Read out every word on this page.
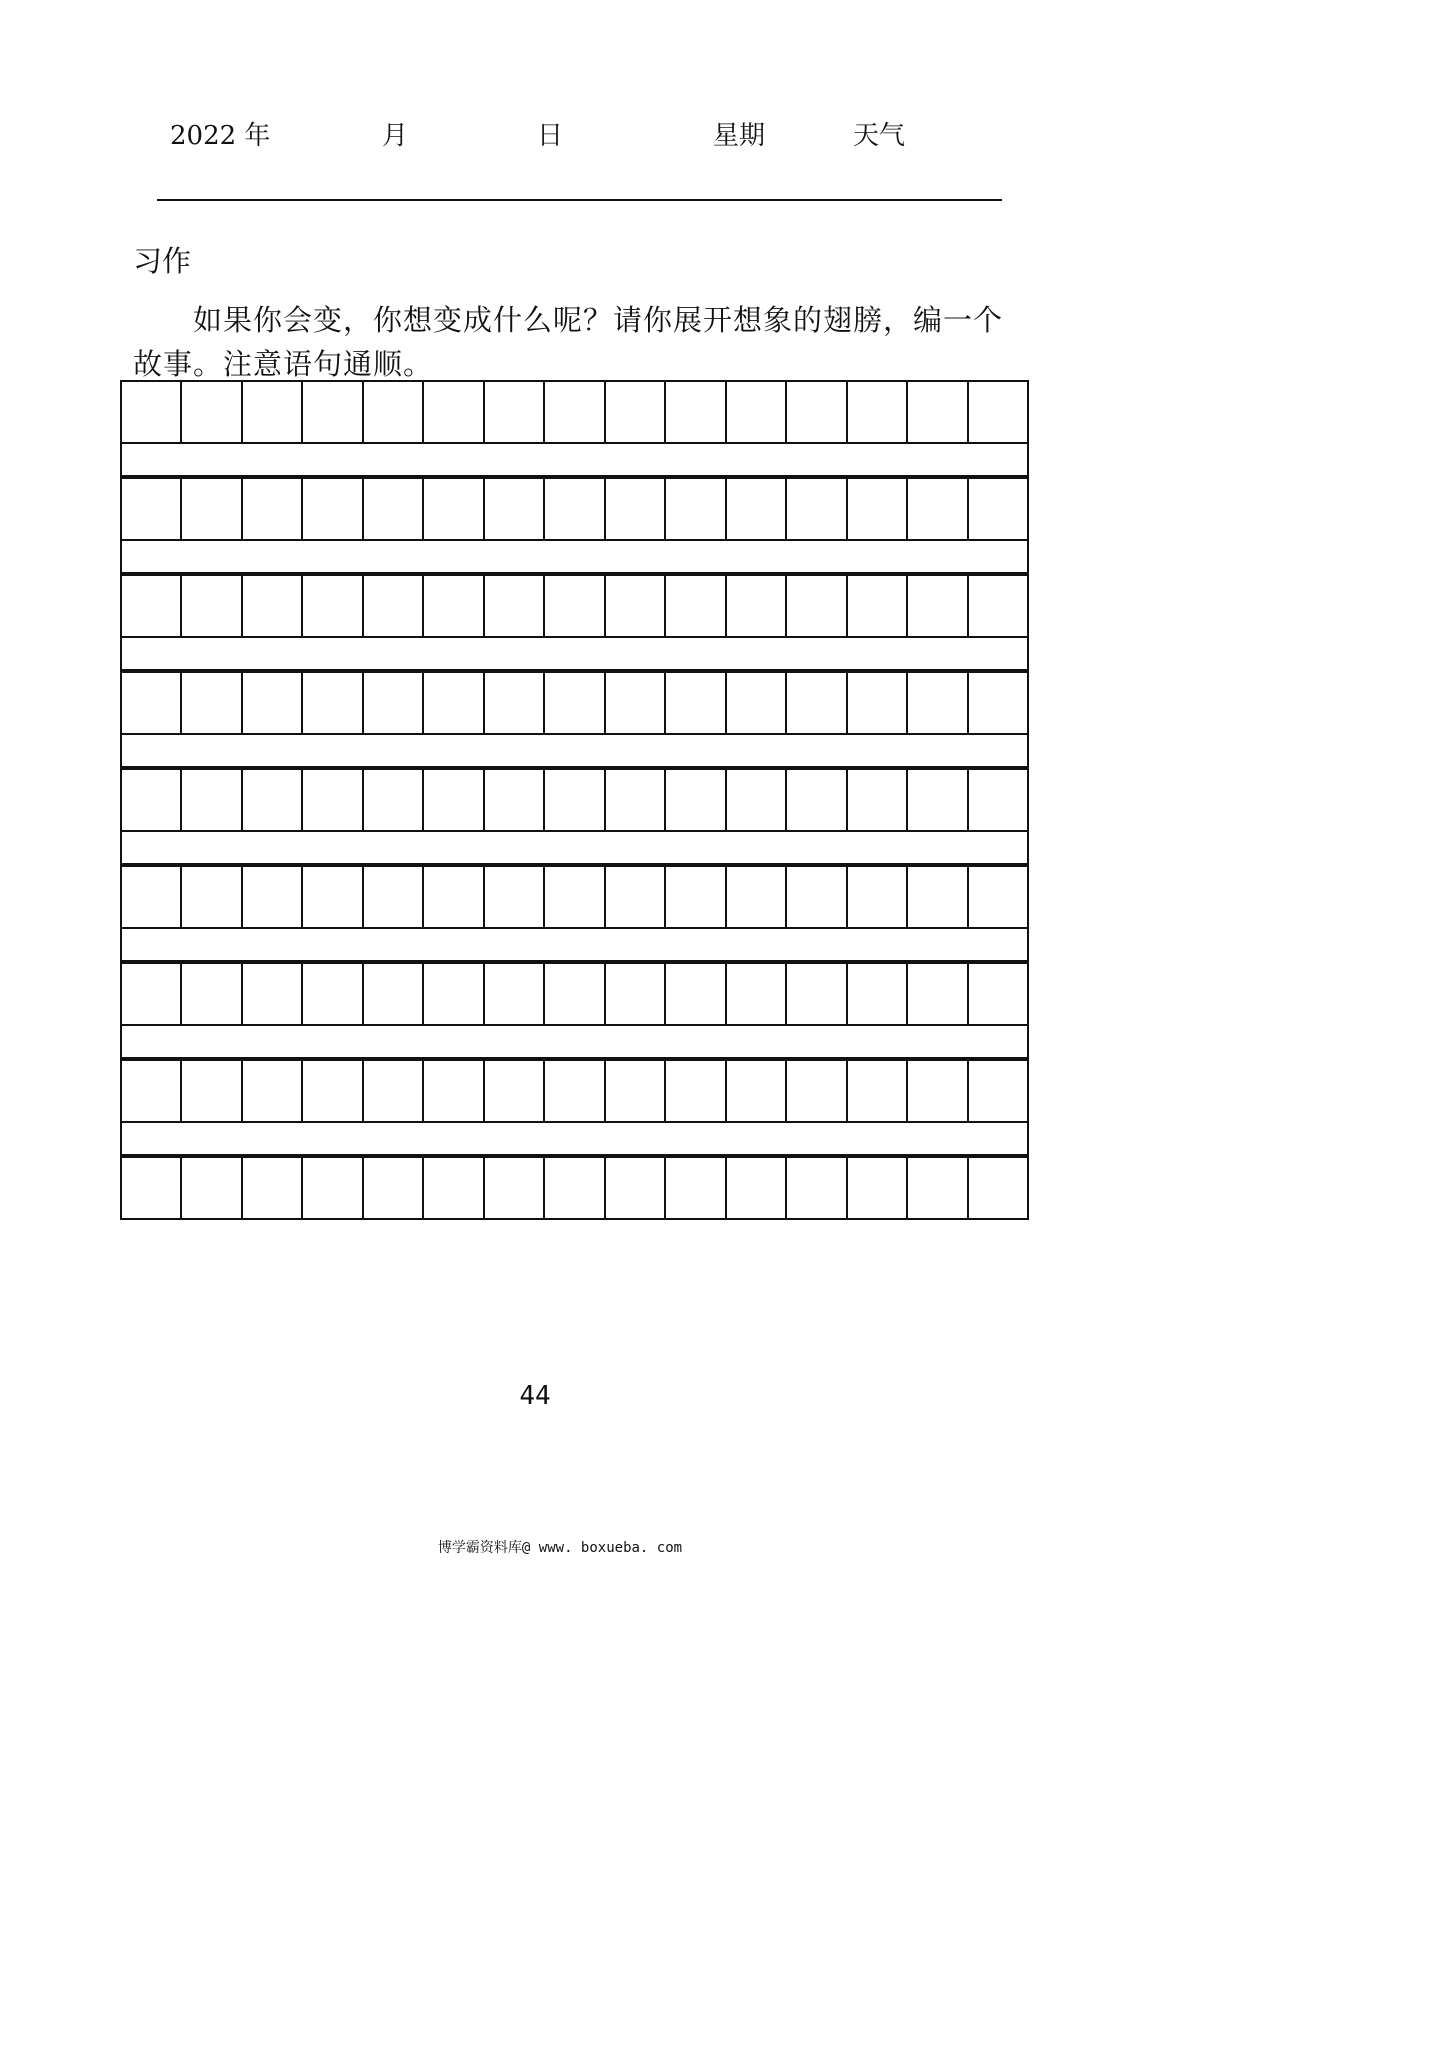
2022 年	月	日	星期	天气
习作
如果你会变，你想变成什么呢？请你展开想象的翅膀，编一个故事。注意语句通顺。
44
博学霸资料库@ www. boxueba. com
